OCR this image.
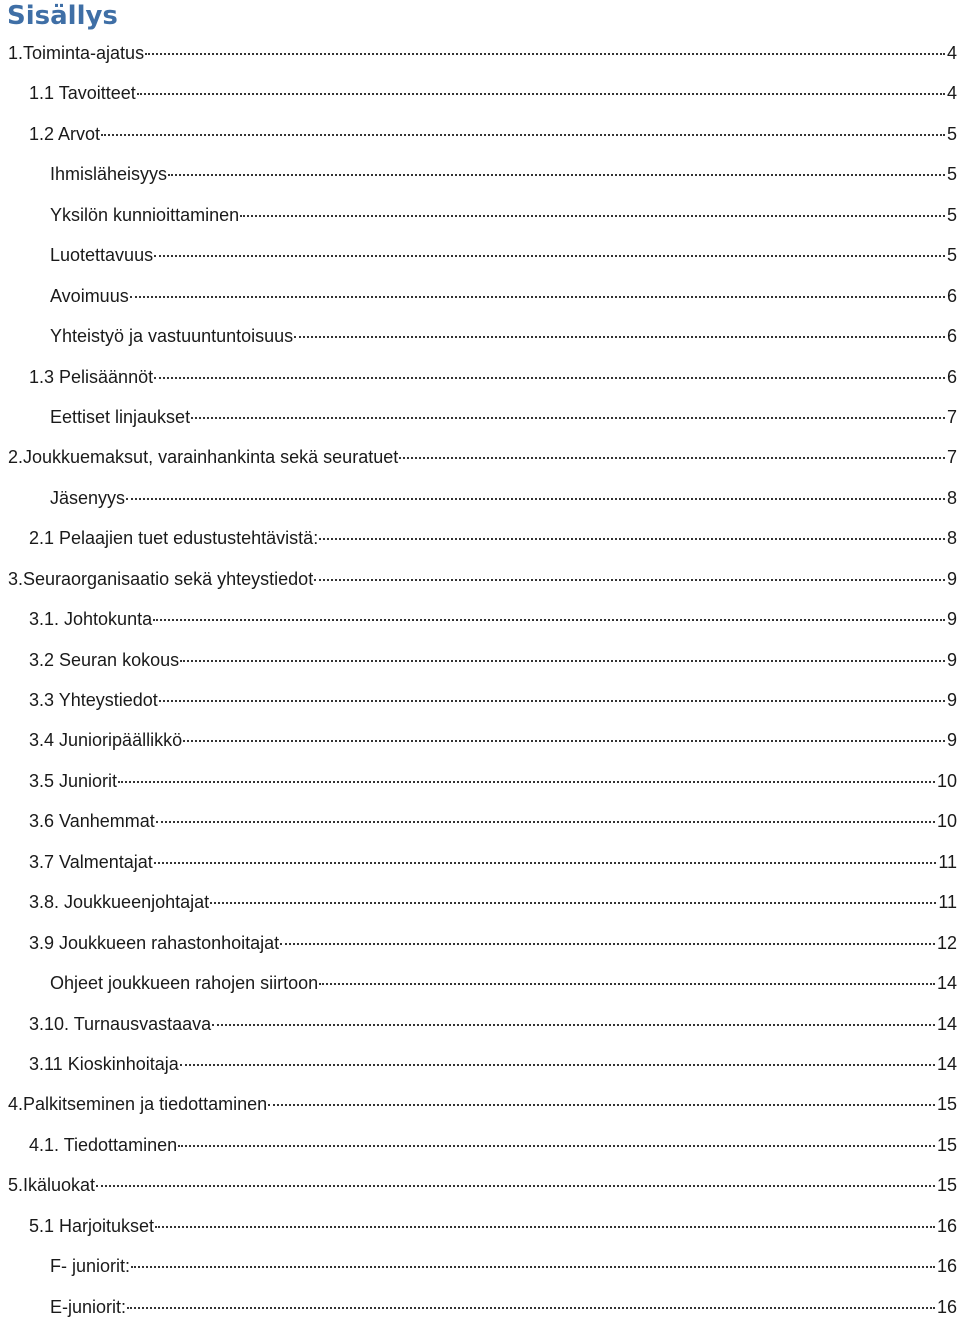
Sisällys
1.Toiminta-ajatus	4
1.1 Tavoitteet	4
1.2 Arvot	5
Ihmisläheisyys	5
Yksilön kunnioittaminen	5
Luotettavuus	5
Avoimuus	6
Yhteistyö ja vastuuntuntoisuus	6
1.3 Pelisäännöt	6
Eettiset linjaukset	7
2.Joukkuemaksut, varainhankinta sekä seuratuet	7
Jäsenyys	8
2.1 Pelaajien tuet edustustehtävistä:	8
3.Seuraorganisaatio sekä yhteystiedot	9
3.1. Johtokunta	9
3.2 Seuran kokous	9
3.3 Yhteystiedot	9
3.4 Junioripäällikkö	9
3.5 Juniorit	10
3.6 Vanhemmat	10
3.7 Valmentajat	11
3.8. Joukkueenjohtajat	11
3.9 Joukkueen rahastonhoitajat	12
Ohjeet joukkueen rahojen siirtoon	14
3.10. Turnausvastaava	14
3.11 Kioskinhoitaja	14
4.Palkitseminen ja tiedottaminen	15
4.1. Tiedottaminen	15
5.Ikäluokat	15
5.1 Harjoitukset	16
F- juniorit:	16
E-juniorit:	16
